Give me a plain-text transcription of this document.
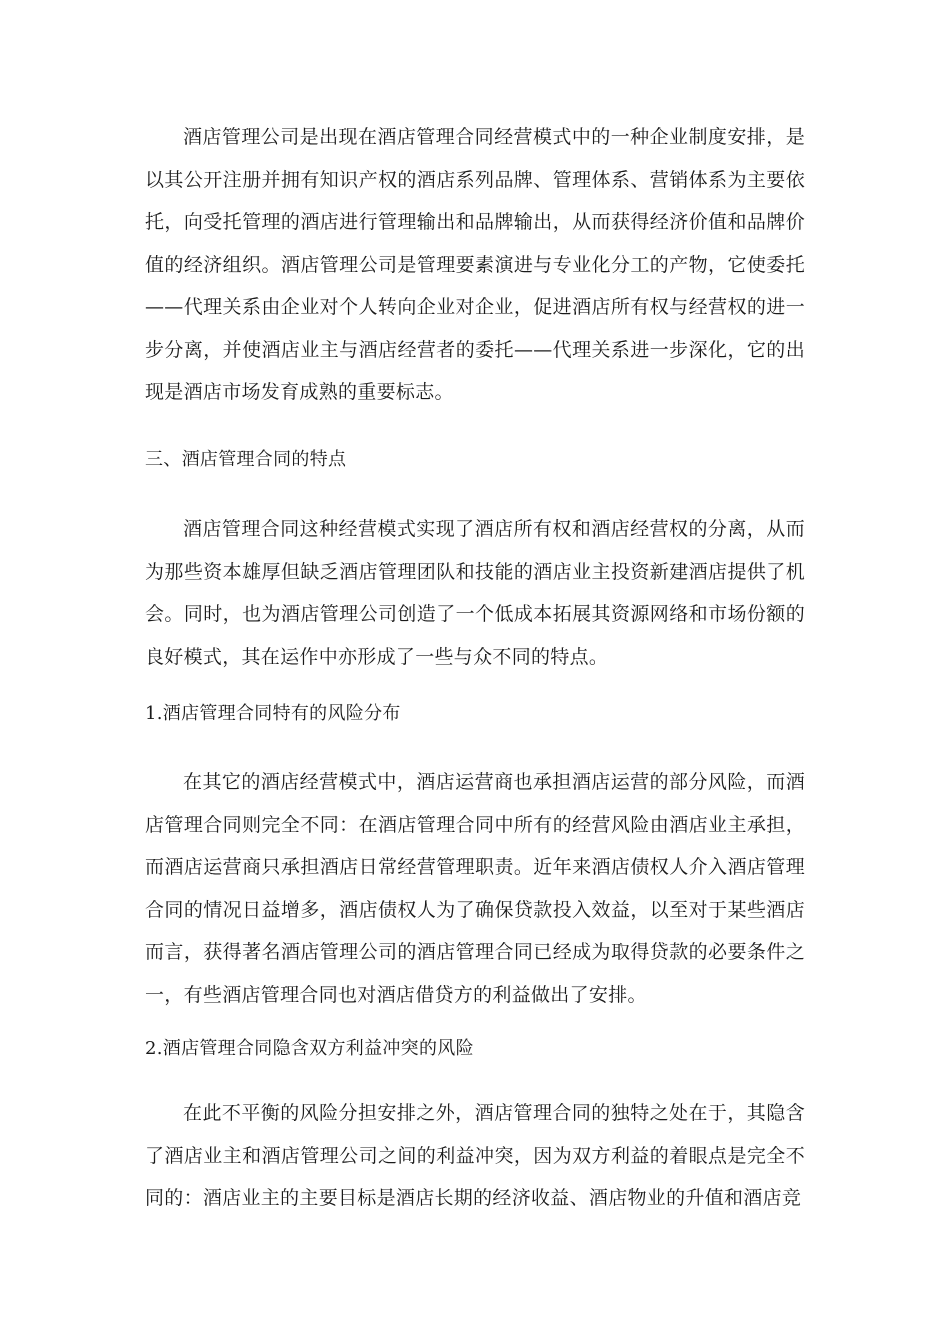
酒店管理公司是出现在酒店管理合同经营模式中的一种企业制度安排，是以其公开注册并拥有知识产权的酒店系列品牌、管理体系、营销体系为主要依托，向受托管理的酒店进行管理输出和品牌输出，从而获得经济价值和品牌价值的经济组织。酒店管理公司是管理要素演进与专业化分工的产物，它使委托——代理关系由企业对个人转向企业对企业，促进酒店所有权与经营权的进一步分离，并使酒店业主与酒店经营者的委托——代理关系进一步深化，它的出现是酒店市场发育成熟的重要标志。

三、酒店管理合同的特点

酒店管理合同这种经营模式实现了酒店所有权和酒店经营权的分离，从而为那些资本雄厚但缺乏酒店管理团队和技能的酒店业主投资新建酒店提供了机会。同时，也为酒店管理公司创造了一个低成本拓展其资源网络和市场份额的良好模式，其在运作中亦形成了一些与众不同的特点。

1.酒店管理合同特有的风险分布

在其它的酒店经营模式中，酒店运营商也承担酒店运营的部分风险，而酒店管理合同则完全不同：在酒店管理合同中所有的经营风险由酒店业主承担，而酒店运营商只承担酒店日常经营管理职责。近年来酒店债权人介入酒店管理合同的情况日益增多，酒店债权人为了确保贷款投入效益，以至对于某些酒店而言，获得著名酒店管理公司的酒店管理合同已经成为取得贷款的必要条件之一，有些酒店管理合同也对酒店借贷方的利益做出了安排。

2.酒店管理合同隐含双方利益冲突的风险

在此不平衡的风险分担安排之外，酒店管理合同的独特之处在于，其隐含了酒店业主和酒店管理公司之间的利益冲突，因为双方利益的着眼点是完全不同的：酒店业主的主要目标是酒店长期的经济收益、酒店物业的升值和酒店竞
